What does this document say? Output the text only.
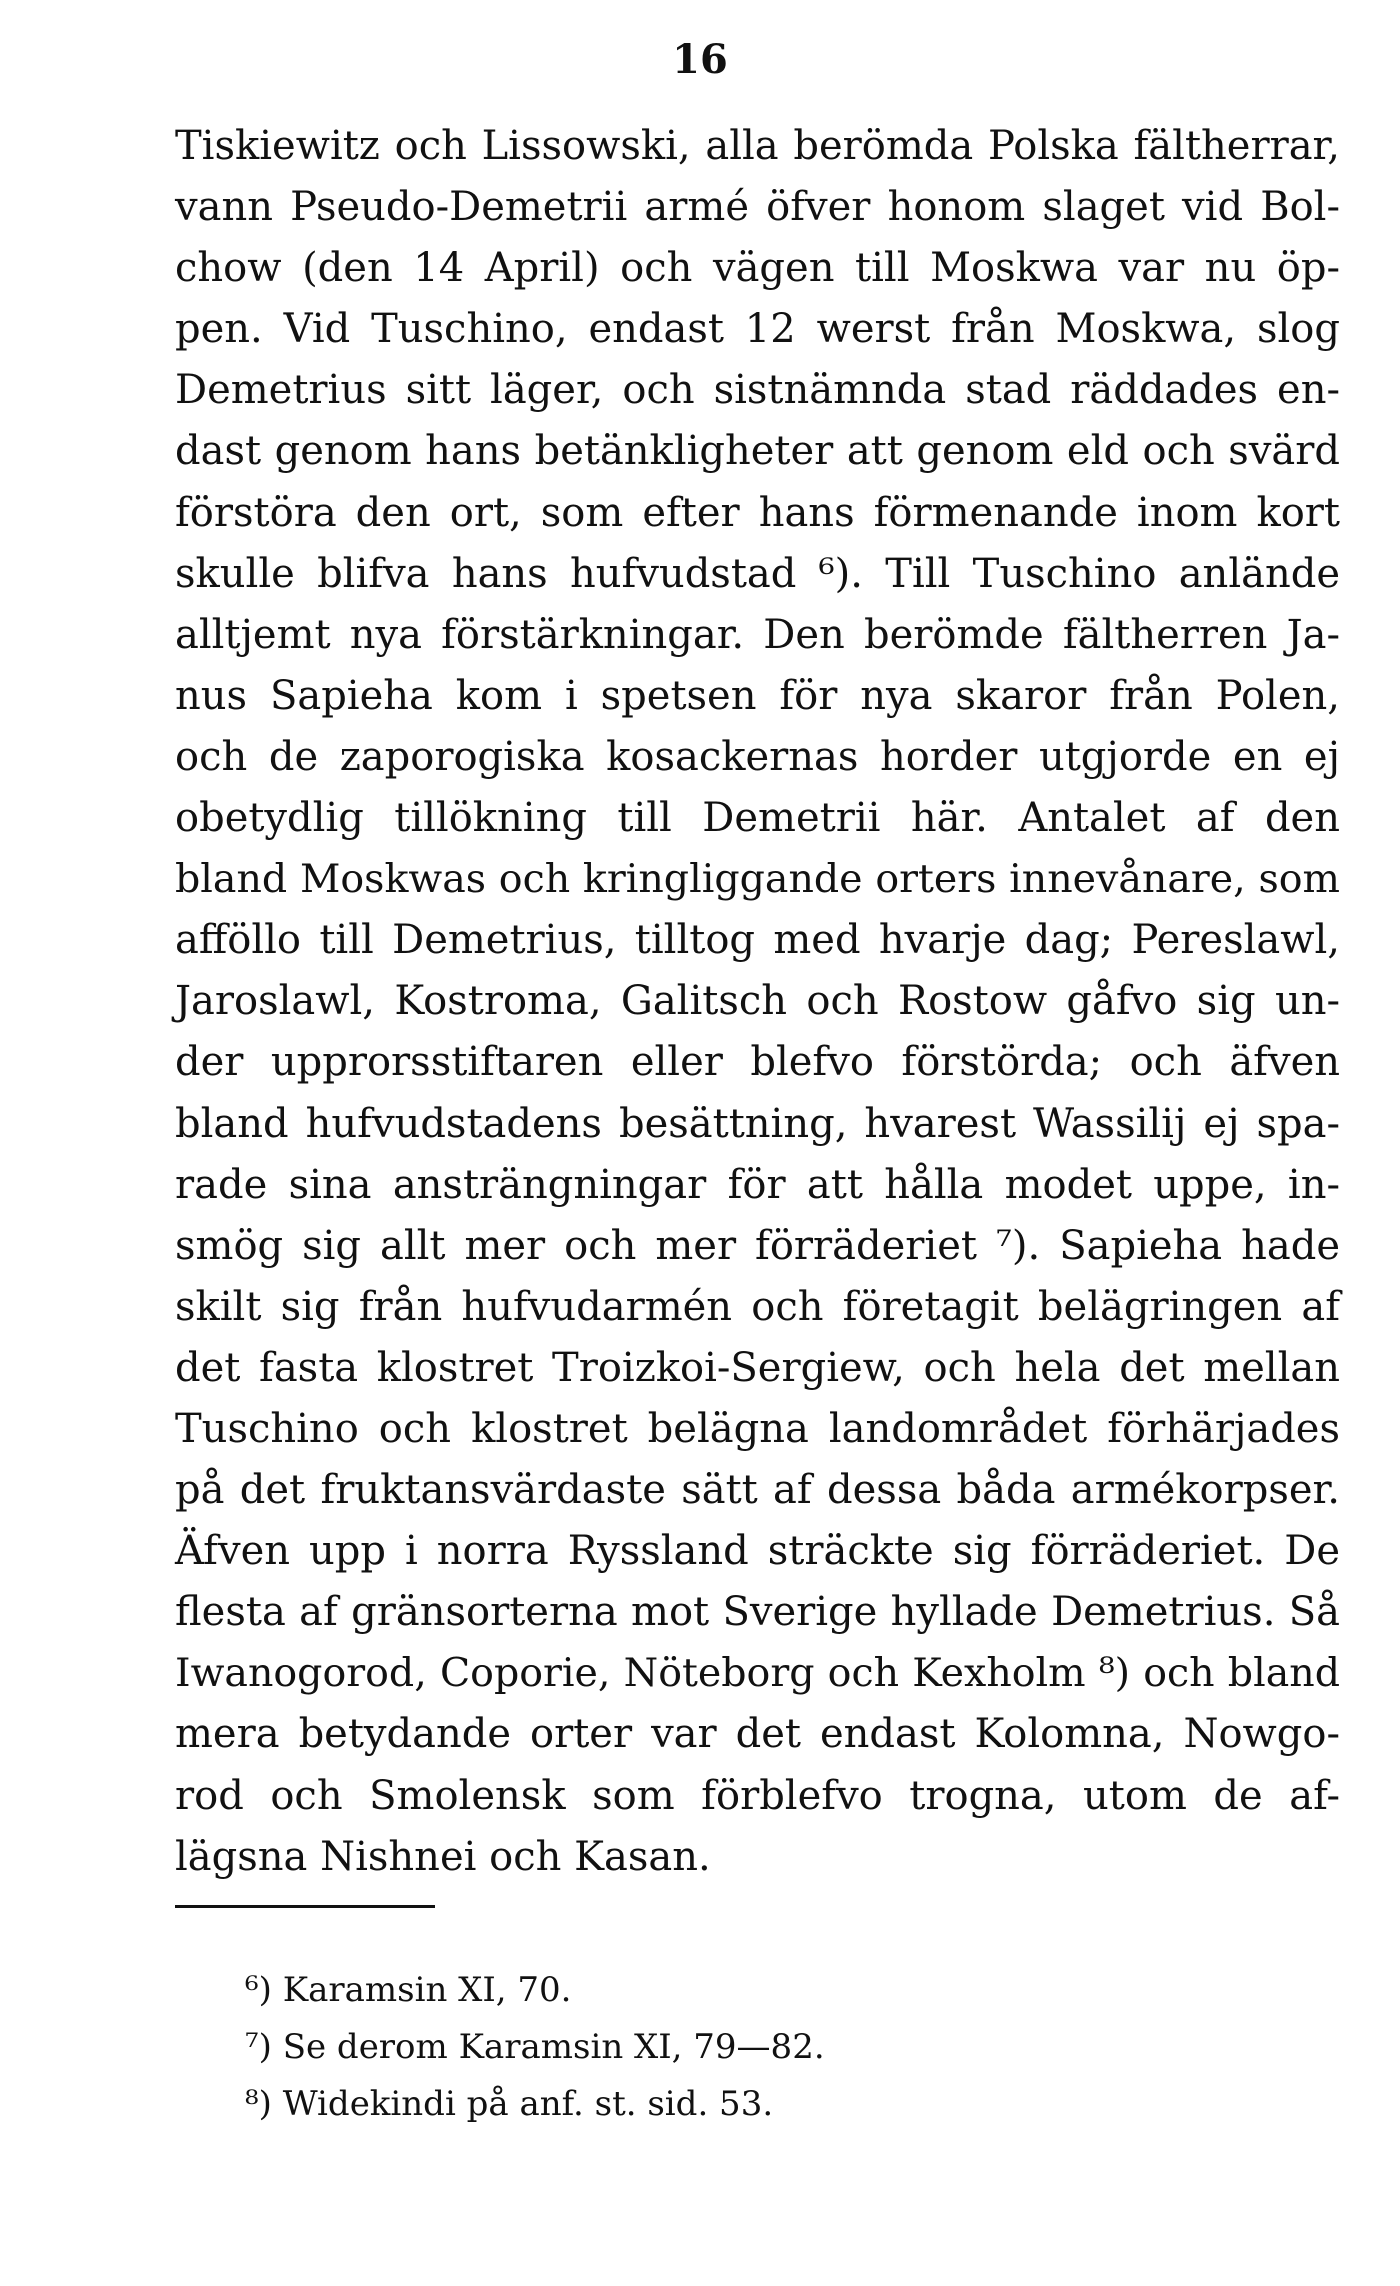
16
Tiskiewitz och Lissowski, alla berömda Polska fältherrar,
vann Pseudo-Demetrii armé öfver honom slaget vid Bol-
chow (den 14 April) och vägen till Moskwa var nu öp-
pen. Vid Tuschino, endast 12 werst från Moskwa, slog
Demetrius sitt läger, och sistnämnda stad räddades en-
dast genom hans betänkligheter att genom eld och svärd
förstöra den ort, som efter hans förmenande inom kort
skulle blifva hans hufvudstad ⁶). Till Tuschino anlände
alltjemt nya förstärkningar. Den berömde fältherren Ja-
nus Sapieha kom i spetsen för nya skaror från Polen,
och de zaporogiska kosackernas horder utgjorde en ej
obetydlig tillökning till Demetrii här. Antalet af den
bland Moskwas och kringliggande orters innevånare, som
afföllo till Demetrius, tilltog med hvarje dag; Pereslawl,
Jaroslawl, Kostroma, Galitsch och Rostow gåfvo sig un-
der upprorsstiftaren eller blefvo förstörda; och äfven
bland hufvudstadens besättning, hvarest Wassilij ej spa-
rade sina ansträngningar för att hålla modet uppe, in-
smög sig allt mer och mer förräderiet ⁷). Sapieha hade
skilt sig från hufvudarmén och företagit belägringen af
det fasta klostret Troizkoi-Sergiew, och hela det mellan
Tuschino och klostret belägna landområdet förhärjades
på det fruktansvärdaste sätt af dessa båda armékorpser.
Äfven upp i norra Ryssland sträckte sig förräderiet. De
flesta af gränsorterna mot Sverige hyllade Demetrius. Så
Iwanogorod, Coporie, Nöteborg och Kexholm ⁸) och bland
mera betydande orter var det endast Kolomna, Nowgo-
rod och Smolensk som förblefvo trogna, utom de af-
lägsna Nishnei och Kasan.
⁶) Karamsin XI, 70.
⁷) Se derom Karamsin XI, 79—82.
⁸) Widekindi på anf. st. sid. 53.
